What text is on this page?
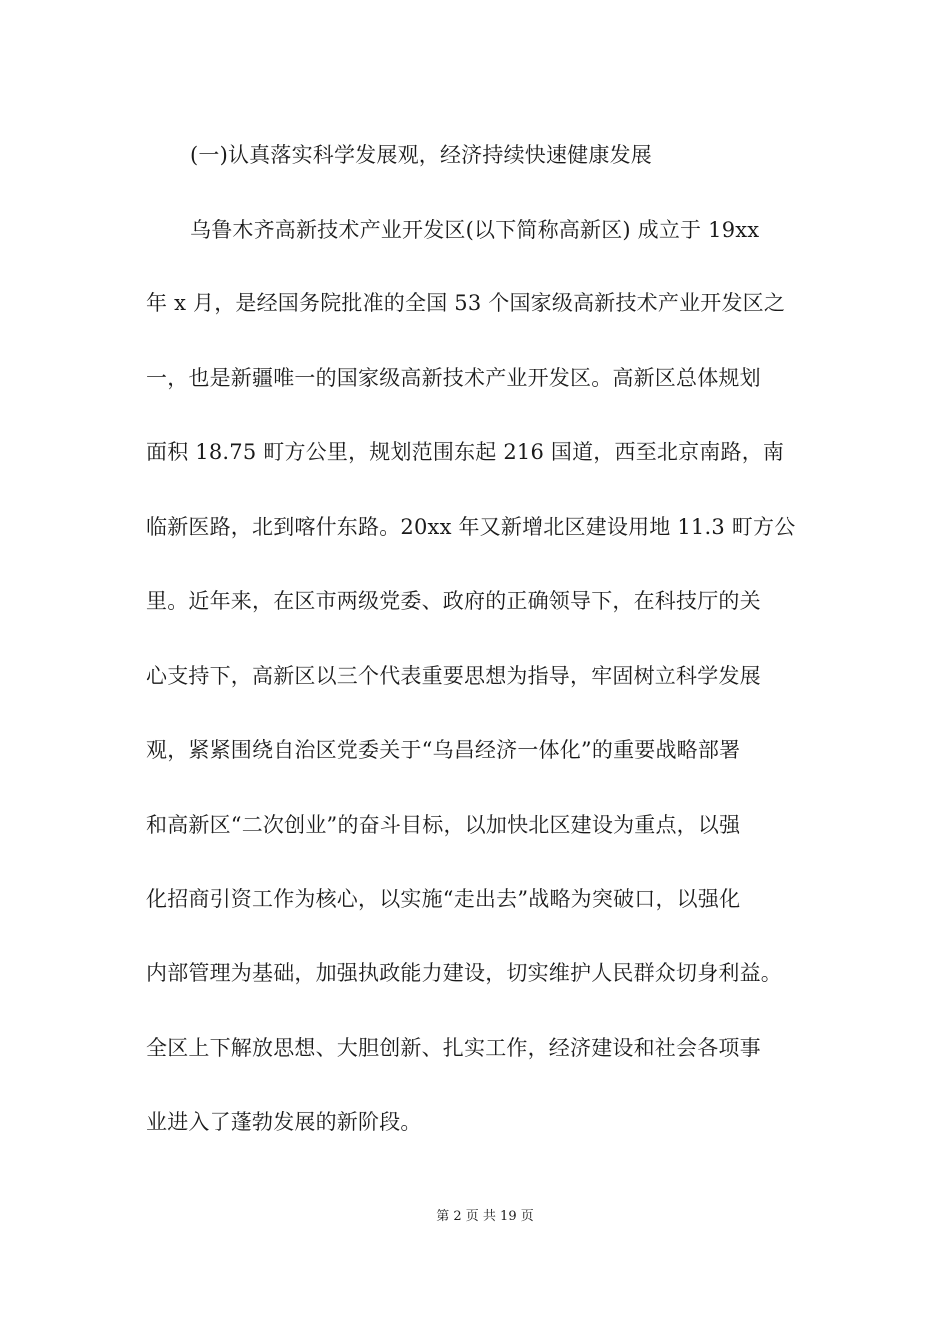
(一)认真落实科学发展观，经济持续快速健康发展
乌鲁木齐高新技术产业开发区(以下简称高新区) 成立于 19xx
年 x 月，是经国务院批准的全国 53 个国家级高新技术产业开发区之
一，也是新疆唯一的国家级高新技术产业开发区。高新区总体规划
面积 18.75 町方公里，规划范围东起 216 国道，西至北京南路，南
临新医路，北到喀什东路。20xx 年又新增北区建设用地 11.3 町方公
里。近年来，在区市两级党委、政府的正确领导下，在科技厅的关
心支持下，高新区以三个代表重要思想为指导，牢固树立科学发展
观，紧紧围绕自治区党委关于“乌昌经济一体化”的重要战略部署
和高新区“二次创业”的奋斗目标，以加快北区建设为重点，以强
化招商引资工作为核心，以实施“走出去”战略为突破口，以强化
内部管理为基础，加强执政能力建设，切实维护人民群众切身利益。
全区上下解放思想、大胆创新、扎实工作，经济建设和社会各项事
业进入了蓬勃发展的新阶段。
第 2 页 共 19 页
